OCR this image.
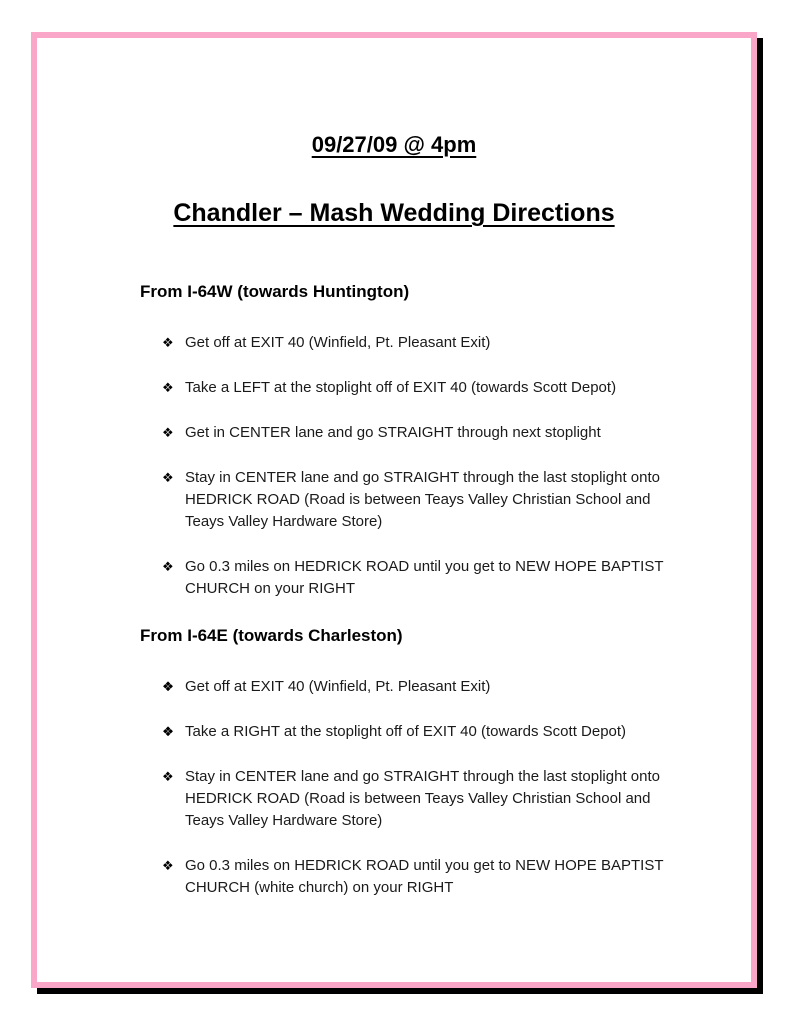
09/27/09 @ 4pm
Chandler – Mash Wedding Directions
From I-64W (towards Huntington)
❖ Get off at EXIT 40 (Winfield, Pt. Pleasant Exit)
❖ Take a LEFT at the stoplight off of EXIT 40 (towards Scott Depot)
❖ Get in CENTER lane and go STRAIGHT through next stoplight
❖ Stay in CENTER lane and go STRAIGHT through the last stoplight onto
HEDRICK ROAD (Road is between Teays Valley Christian School and
Teays Valley Hardware Store)
❖ Go 0.3 miles on HEDRICK ROAD until you get to NEW HOPE BAPTIST
CHURCH on your RIGHT
From I-64E (towards Charleston)
❖ Get off at EXIT 40 (Winfield, Pt. Pleasant Exit)
❖ Take a RIGHT at the stoplight off of EXIT 40 (towards Scott Depot)
❖ Stay in CENTER lane and go STRAIGHT through the last stoplight onto
HEDRICK ROAD (Road is between Teays Valley Christian School and
Teays Valley Hardware Store)
❖ Go 0.3 miles on HEDRICK ROAD until you get to NEW HOPE BAPTIST
CHURCH (white church) on your RIGHT
